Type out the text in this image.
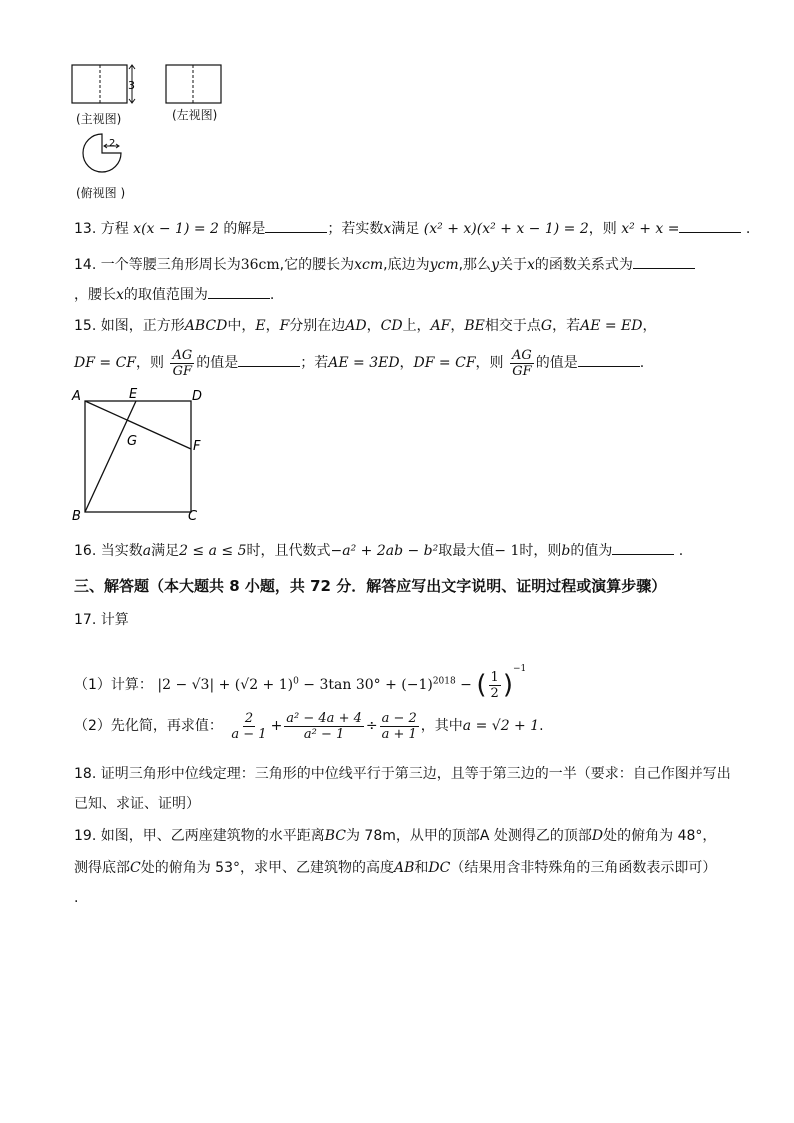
3
2
(主视图)	(左视图)
(俯视图 )
13. 方程 x(x − 1) = 2 的解是	；若实数x满足 (x² + x)(x² + x − 1) = 2，则 x² + x =	.
14. 一个等腰三角形周长为36cm,它的腰长为xcm,底边为ycm,那么y关于x的函数关系式为
，腰长x的取值范围为	.
15. 如图，正方形ABCD中，E，F分别在边AD，CD上，AF，BE相交于点G，若AE = ED，
DF = CF，则 $\frac{AG}{GF}$ 的值是	；若AE = 3ED，DF = CF，则 $\frac{AG}{GF}$ 的值是	.
A	E	D
G	F
B	C
16. 当实数a满足2 ≤ a ≤ 5时，且代数式−a² + 2ab − b²取最大值− 1时，则b的值为	.
三、解答题（本大题共 8 小题，共 72 分．解答应写出文字说明、证明过程或演算步骤）
17. 计算
（1）计算： $|2 - √3| + (√2 + 1)^0 - 3\tan$ $30^\circ + (-1)^{2018}$ − ( $\frac{1}{2} )^{-1}$
（2）先化简，再求值： $\frac{2}{a - 1} + \frac{\text{a² − 4a + 4}}{\text{a² − 1}} \div \frac{a - 2}{a + 1}$ ，其中a = √2 + 1.
18. 证明三角形中位线定理：三角形的中位线平行于第三边，且等于第三边的一半（要求：自己作图并写出
已知、求证、证明）
19. 如图，甲、乙两座建筑物的水平距离BC为 78m，从甲的顶部A 处测得乙的顶部D处的俯角为 48°，
测得底部C处的俯角为 53°，求甲、乙建筑物的高度AB和DC（结果用含非特殊角的三角函数表示即可）
.
